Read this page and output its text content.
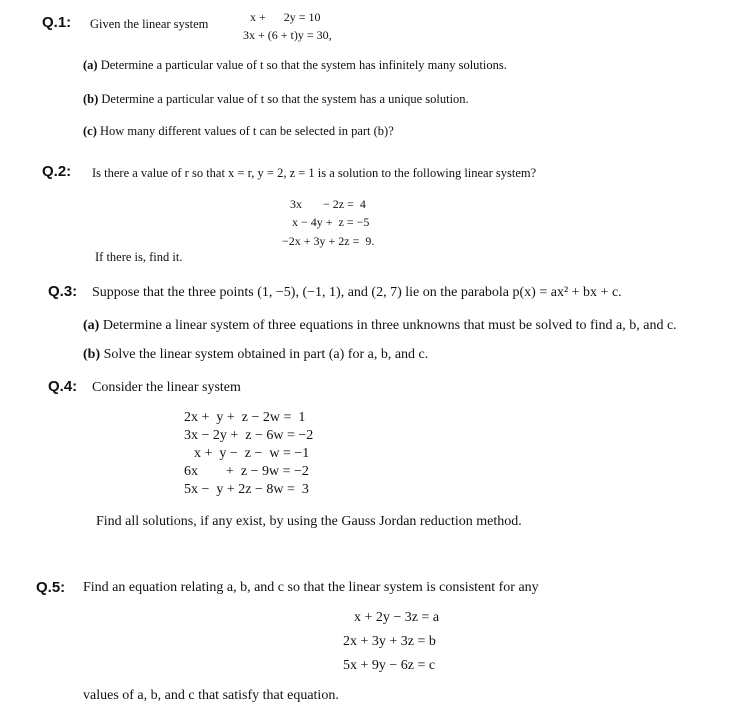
Q.1: Given the linear system	x +      2y = 10
3x + (6 + t)y = 30,
(a) Determine a particular value of t so that the system has infinitely many solutions.
(b) Determine a particular value of t so that the system has a unique solution.
(c) How many different values of t can be selected in part (b)?
Q.2: Is there a value of r so that x = r, y = 2, z = 1 is a solution to the following linear system?
3x       − 2z =  4
x − 4y +  z = −5
−2x + 3y + 2z =  9.
If there is, find it.
Q.3: Suppose that the three points (1, −5), (−1, 1), and (2, 7) lie on the parabola p(x) = ax² + bx + c.
(a) Determine a linear system of three equations in three unknowns that must be solved to find a, b, and c.
(b) Solve the linear system obtained in part (a) for a, b, and c.
Q.4: Consider the linear system
2x +  y +  z − 2w =  1
3x − 2y +  z − 6w = −2
x +  y −  z −  w = −1
6x        +  z − 9w = −2
5x −  y + 2z − 8w =  3
Find all solutions, if any exist, by using the Gauss Jordan reduction method.
Q.5: Find an equation relating a, b, and c so that the linear system is consistent for any
x + 2y − 3z = a
2x + 3y + 3z = b
5x + 9y − 6z = c
values of a, b, and c that satisfy that equation.
